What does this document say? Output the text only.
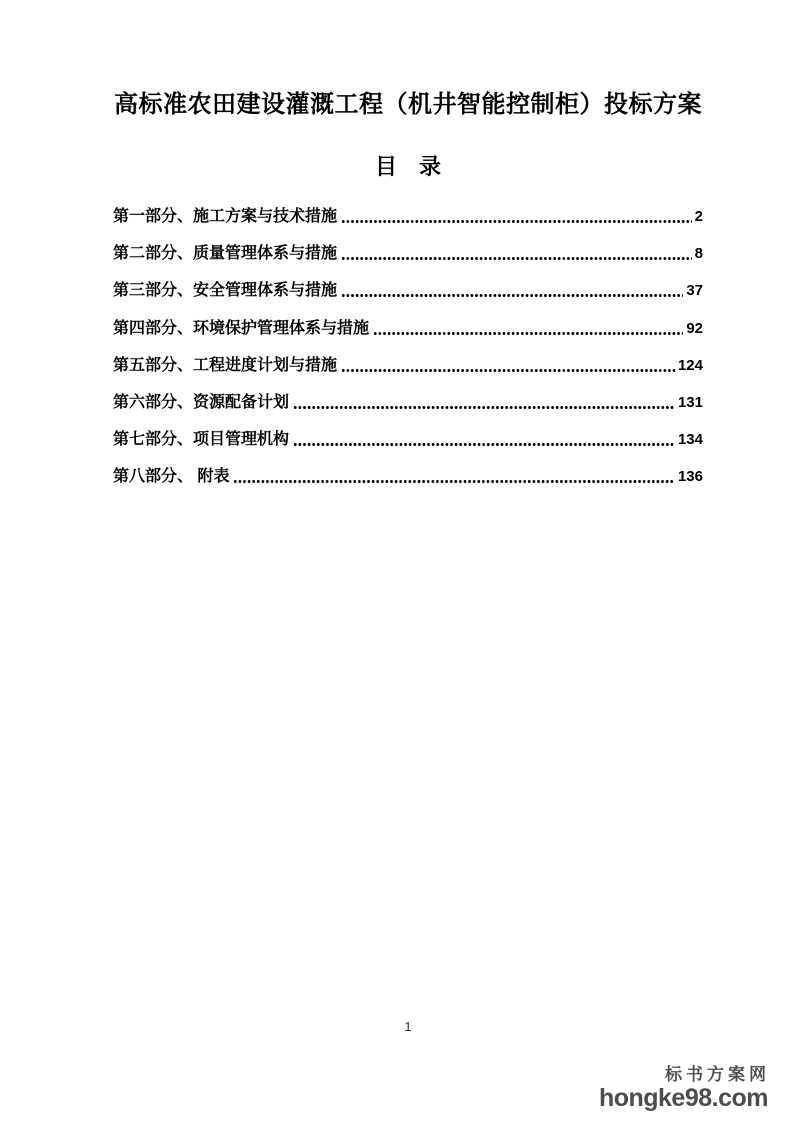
高标准农田建设灌溉工程（机井智能控制柜）投标方案
目　录
第一部分、施工方案与技术措施	2
第二部分、质量管理体系与措施	8
第三部分、安全管理体系与措施	37
第四部分、环境保护管理体系与措施	92
第五部分、工程进度计划与措施	124
第六部分、资源配备计划	131
第七部分、项目管理机构	134
第八部分、 附表	136
1
标书方案网
hongke98.com
